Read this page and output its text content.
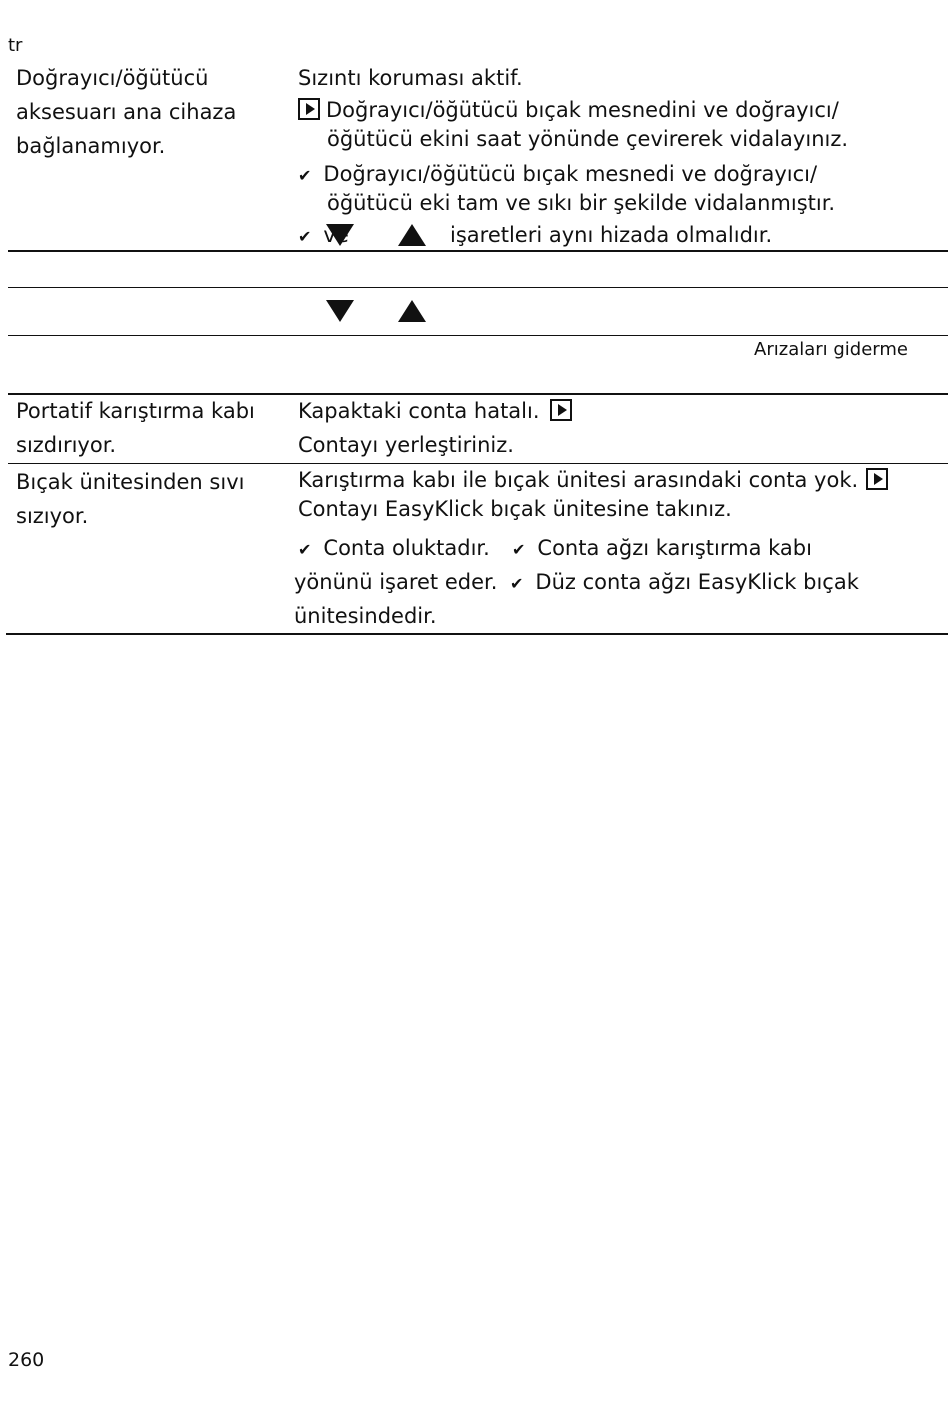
tr
Doğrayıcı/öğütücü
aksesuarı ana cihaza
bağlanamıyor.
Sızıntı koruması aktif.
Doğrayıcı/öğütücü bıçak mesnedini ve doğrayıcı/
öğütücü ekini saat yönünde çevirerek vidalayınız.
✔ Doğrayıcı/öğütücü bıçak mesnedi ve doğrayıcı/
öğütücü eki tam ve sıkı bir şekilde vidalanmıştır.
✔ ve	işaretleri aynı hizada olmalıdır.
Arızaları giderme
Portatif karıştırma kabı
sızdırıyor.
Kapaktaki conta hatalı.
Contayı yerleştiriniz.
Bıçak ünitesinden sıvı
sızıyor.
Karıştırma kabı ile bıçak ünitesi arasındaki conta yok.
Contayı EasyKlick bıçak ünitesine takınız.
✔ Conta oluktadır. ✔ Conta ağzı karıştırma kabı
yönünü işaret eder. ✔ Düz conta ağzı EasyKlick bıçak
ünitesindedir.
260
